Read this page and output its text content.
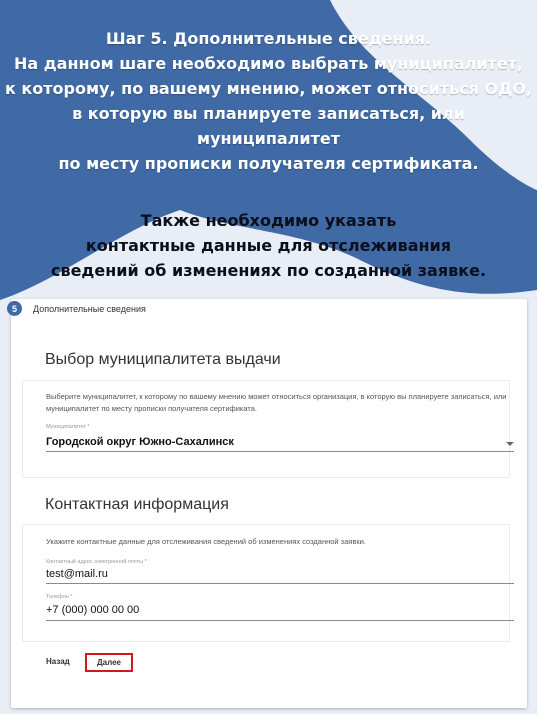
Шаг 5. Дополнительные сведения.
На данном шаге необходимо выбрать муниципалитет,
к которому, по вашему мнению, может относиться ОДО,
в которую вы планируете записаться, или муниципалитет
по месту прописки получателя сертификата.
Также необходимо указать
контактные данные для отслеживания
сведений об изменениях по созданной заявке.
5	Дополнительные сведения
Выбор муниципалитета выдачи
Выберите муниципалитет, к которому по вашему мнению может относиться организация, в которую вы планируете записаться, или муниципалитет по месту прописки получателя сертификата.
Муниципалитет *
Городской округ Южно-Сахалинск
Контактная информация
Укажите контактные данные для отслеживания сведений об изменениях созданной заявки.
Контактный адрес электронной почты *
test@mail.ru
Телефон *
+7 (000) 000 00 00
Назад	Далее
